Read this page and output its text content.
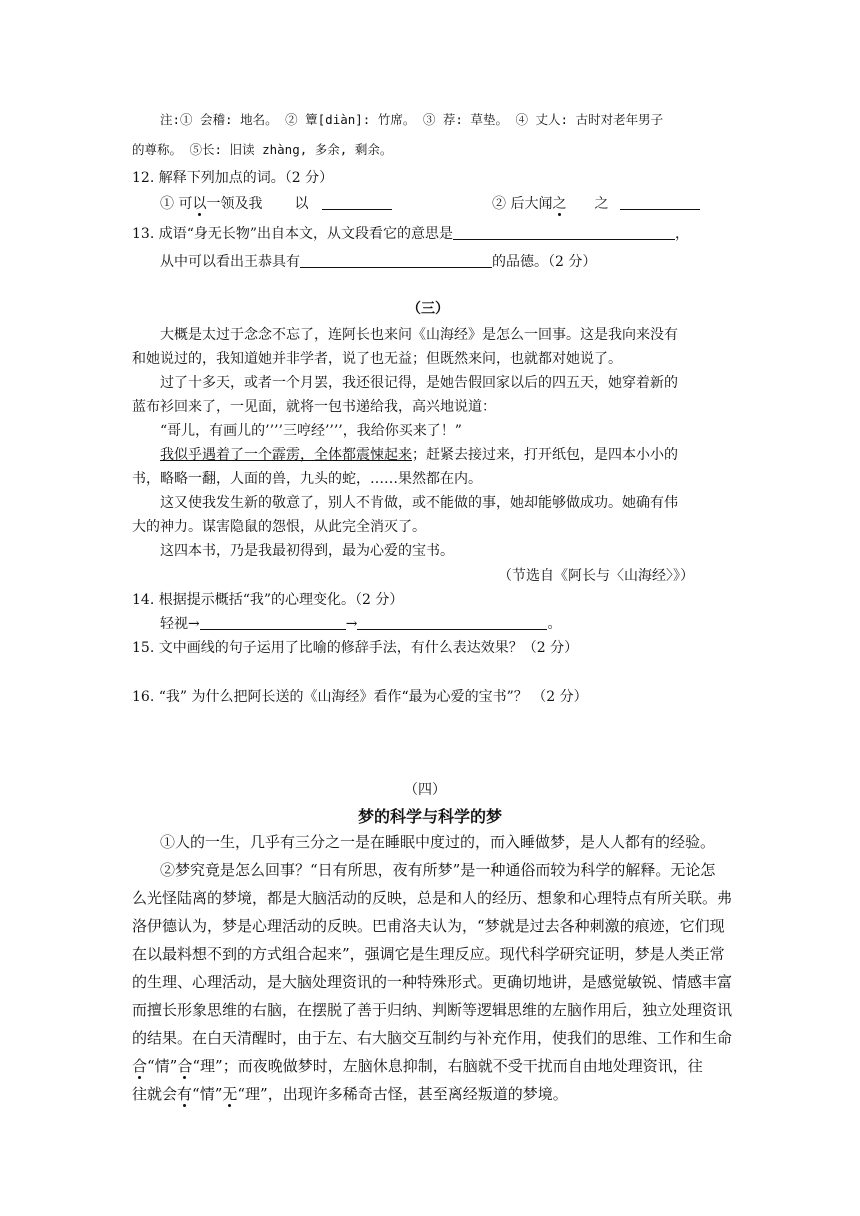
注:① 会稽: 地名。 ② 簟[diàn]: 竹席。 ③ 荐: 草垫。 ④ 丈人: 古时对老年男子
的尊称。 ⑤长: 旧读 zhàng, 多余, 剩余。
12. 解释下列加点的词。（2 分）
① 可以一领及我 以	② 后大闻之 之
13. 成语“身无长物”出自本文，从文段看它的意思是	，
从中可以看出王恭具有	的品德。（2 分）
（三）
大概是太过于念念不忘了，连阿长也来问《山海经》是怎么一回事。这是我向来没有
和她说过的，我知道她并非学者，说了也无益；但既然来问，也就都对她说了。
过了十多天，或者一个月罢，我还很记得，是她告假回家以后的四五天，她穿着新的
蓝布衫回来了，一见面，就将一包书递给我，高兴地说道：
“哥儿，有画儿的’’’’三哼经’’’’，我给你买来了！”
我似乎遇着了一个霹雳，全体都震悚起来；赶紧去接过来，打开纸包，是四本小小的
书，略略一翻，人面的兽，九头的蛇，……果然都在内。
这又使我发生新的敬意了，别人不肯做，或不能做的事，她却能够做成功。她确有伟
大的神力。谋害隐鼠的怨恨，从此完全消灭了。
这四本书，乃是我最初得到，最为心爱的宝书。
（节选自《阿长与〈山海经〉》）
14. 根据提示概括“我”的心理变化。（2 分）
轻视→	→	。
15. 文中画线的句子运用了比喻的修辞手法，有什么表达效果？（2 分）
16. “我” 为什么把阿长送的《山海经》看作“最为心爱的宝书”？ （2 分）
（四）
梦的科学与科学的梦
①人的一生，几乎有三分之一是在睡眠中度过的，而入睡做梦，是人人都有的经验。
②梦究竟是怎么回事？“日有所思，夜有所梦”是一种通俗而较为科学的解释。无论怎
么光怪陆离的梦境，都是大脑活动的反映，总是和人的经历、想象和心理特点有所关联。弗
洛伊德认为，梦是心理活动的反映。巴甫洛夫认为，“梦就是过去各种刺激的痕迹，它们现
在以最料想不到的方式组合起来”，强调它是生理反应。现代科学研究证明，梦是人类正常
的生理、心理活动，是大脑处理资讯的一种特殊形式。更确切地讲，是感觉敏锐、情感丰富
而擅长形象思维的右脑，在摆脱了善于归纳、判断等逻辑思维的左脑作用后，独立处理资讯
的结果。在白天清醒时，由于左、右大脑交互制约与补充作用，使我们的思维、工作和生命
合“情”合“理”；而夜晚做梦时，左脑休息抑制，右脑就不受干扰而自由地处理资讯，往
往就会有“情”无“理”，出现许多稀奇古怪，甚至离经叛道的梦境。
